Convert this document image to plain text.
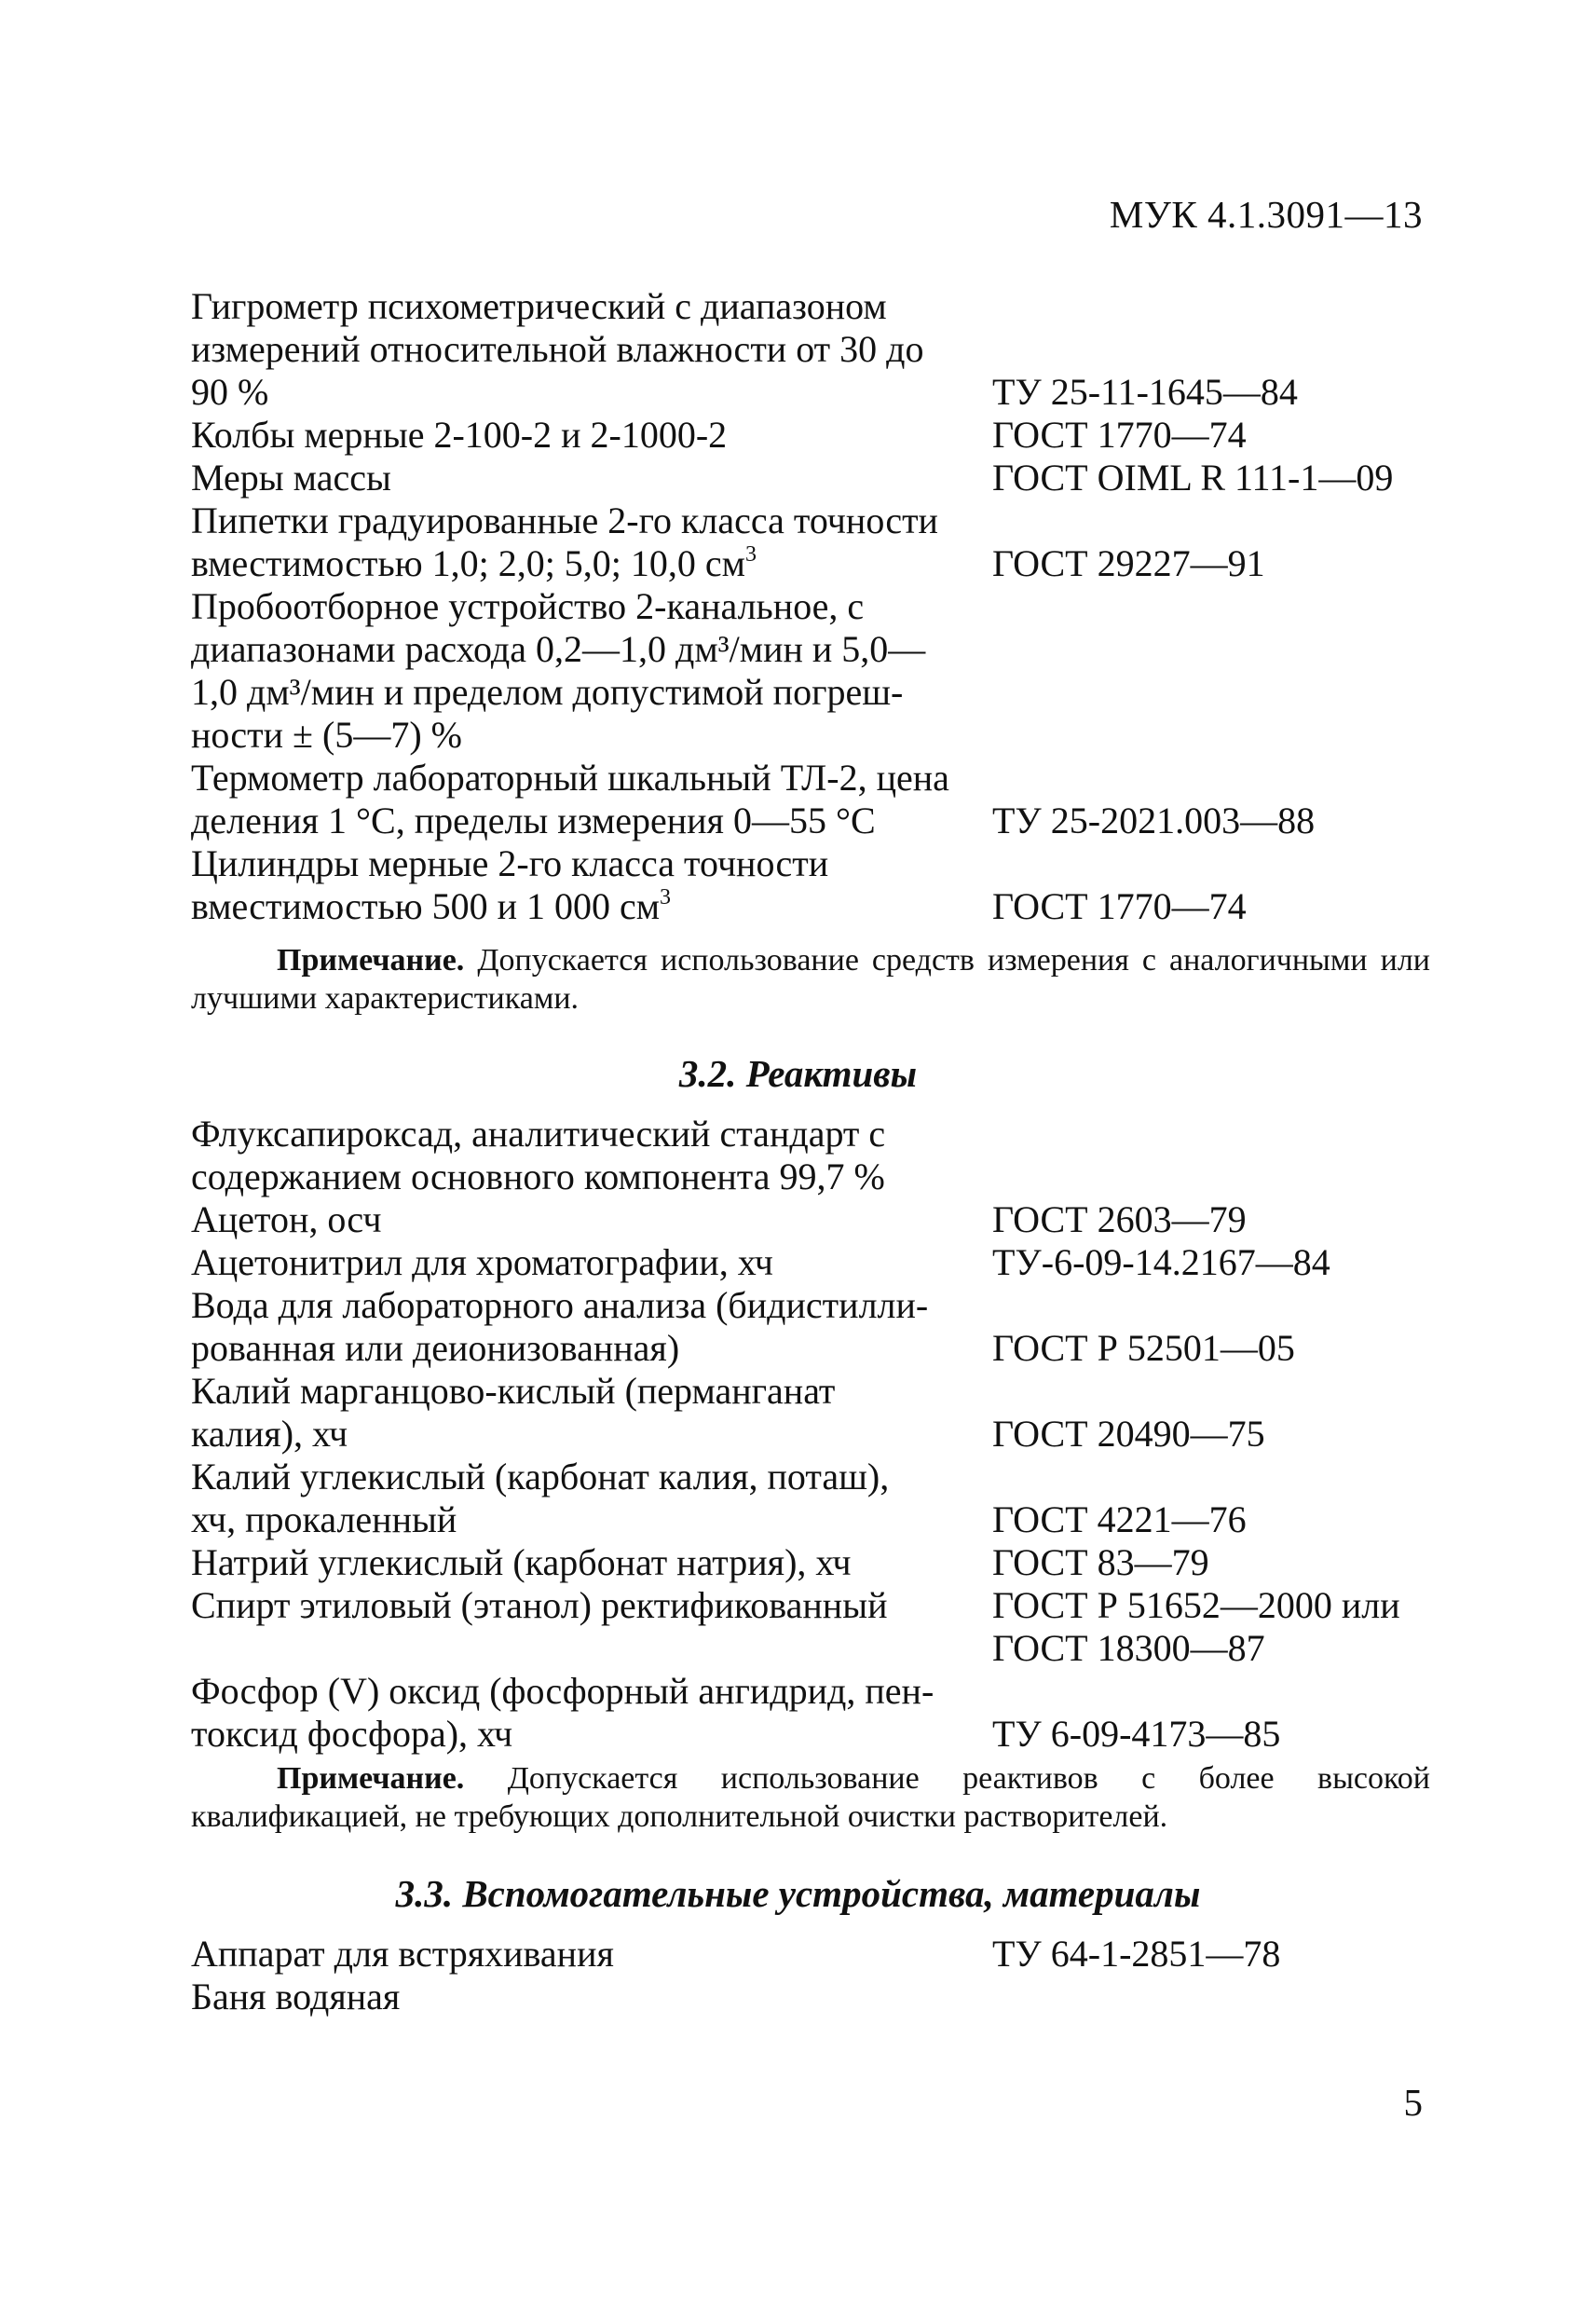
МУК 4.1.3091—13
Гигрометр психометрический с диапазоном
измерений относительной влажности от 30 до
90 %	ТУ 25-11-1645—84
Колбы мерные 2-100-2 и 2-1000-2	ГОСТ 1770—74
Меры массы	ГОСТ OIML R 111-1—09
Пипетки градуированные 2-го класса точности
вместимостью 1,0; 2,0; 5,0; 10,0 $см^3$	ГОСТ 29227—91
Пробоотборное устройство 2-канальное, с
диапазонами расхода 0,2—1,0 дм³/мин и 5,0—
1,0 дм³/мин и пределом допустимой погреш-
ности ± (5—7) %
Термометр лабораторный шкальный ТЛ-2, цена
деления 1 °С, пределы измерения 0—55 °С	ТУ 25-2021.003—88
Цилиндры мерные 2-го класса точности
вместимостью 500 и 1 000 $см^3$	ГОСТ 1770—74
Примечание. Допускается использование средств измерения с аналогичными или лучшими характеристиками.
3.2. Реактивы
Флуксапироксад, аналитический стандарт с
содержанием основного компонента 99,7 %
Ацетон, осч	ГОСТ 2603—79
Ацетонитрил для хроматографии, хч	ТУ-6-09-14.2167—84
Вода для лабораторного анализа (бидистилли-
рованная или деионизованная)	ГОСТ Р 52501—05
Калий марганцово-кислый (перманганат
калия), хч	ГОСТ 20490—75
Калий углекислый (карбонат калия, поташ),
хч, прокаленный	ГОСТ 4221—76
Натрий углекислый (карбонат натрия), хч	ГОСТ 83—79
Спирт этиловый (этанол) ректификованный	ГОСТ Р 51652—2000 или
ГОСТ 18300—87
Фосфор (V) оксид (фосфорный ангидрид, пен-
токсид фосфора), хч	ТУ 6-09-4173—85
Примечание. Допускается использование реактивов с более высокой квалификацией, не требующих дополнительной очистки растворителей.
3.3. Вспомогательные устройства, материалы
Аппарат для встряхивания	ТУ 64-1-2851—78
Баня водяная
5
